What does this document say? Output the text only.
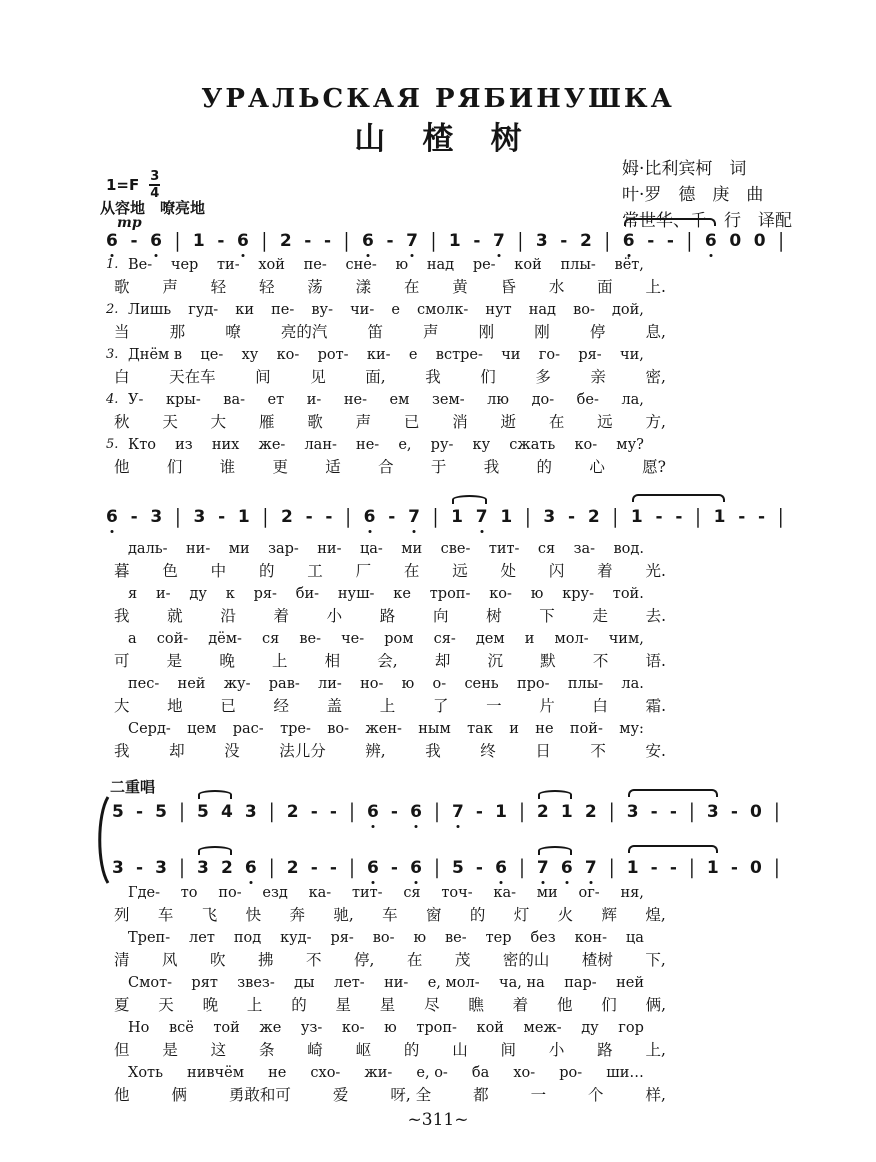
УРАЛЬСКАЯ РЯБИНУШКА
山楂树
姆·比利宾柯　词
叶·罗　德　庚　曲
常世华、千　行　译配
$1=F \frac{3}{4}$
从容地　嘹亮地
mp
6 - 6 | 1 - 6 | 2 - - | 6 - 7 | 1 - 7 | 3 - 2 | 6 - - | 6 0 0 |
1. Ве- чер ти- хой пе- сне- ю над ре- кой плы- вёт,
歌 声 轻 轻 荡 漾 在 黄 昏 水 面 上.
2. Лишь гуд- ки пе- ву- чи- е смолк- нут над во- дой,
当	那	嘹	亮的汽	笛	声	刚	刚	停	息,
3. Днём в це- ху ко- рот- ки- е встре- чи го- ря- чи,
白	天在车	间	见	面,	我	们	多	亲	密,
4. У- кры- ва- ет и- не- ем зем- лю до- бе- ла,
秋 天 大 雁 歌 声 已 消 逝 在 远 方,
5. Кто из них же- лан- не- е, ру- ку сжать ко- му?
他 们 谁 更 适 合 于 我 的 心 愿?
6 - 3 | 3 - 1 | 2 - - | 6 - 7 | 1 7 1 | 3 - 2 | 1 - - | 1 - - |
даль- ни- ми зар- ни- ца- ми све- тит- ся за- вод.
暮 色 中 的 工 厂 在 远 处 闪 着 光.
я и- ду к ря- би- нуш- ке троп- ко- ю кру- той.
我 就 沿 着 小 路 向 树 下 走 去.
а сой- дём- ся ве- че- ром ся- дем и мол- чим,
可 是 晚 上 相 会, 却 沉 默 不 语.
пес- ней жу- рав- ли- но- ю о- сень про- плы- ла.
大 地 已 经 盖 上 了 一 片 白 霜.
Серд- цем рас- тре- во- жен- ным так и не пой- му:
我	却	没	法儿分	辨,	我	终	日	不	安.
二重唱
5 - 5 | 5 4 3 | 2 - - | 6 - 6 | 7 - 1 | 2 1 2 | 3 - - | 3 - 0 |
3 - 3 | 3 2 6 | 2 - - | 6 - 6 | 5 - 6 | 7 6 7 | 1 - - | 1 - 0 |
Где- то по- езд ка- тит- ся точ- ка- ми ог- ня,
列 车 飞 快 奔 驰, 车 窗 的 灯 火 辉 煌,
Треп- лет под куд- ря- во- ю ве- тер без кон- ца
清 风 吹 拂 不 停, 在 茂 密的山 楂树 下,
Смот- рят звез- ды лет- ни- е, мол- ча, на пар- ней
夏 天 晚 上 的 星 星 尽 瞧 着 他 们 俩,
Но всё той же уз- ко- ю троп- кой меж- ду гор
但 是 这 条 崎 岖 的 山 间 小 路 上,
Хоть нивчём не схо- жи- е, о- ба хо- ро- ши…
他	俩	勇敢和可	爱	呀, 全	都	一	个	样,
~311~
